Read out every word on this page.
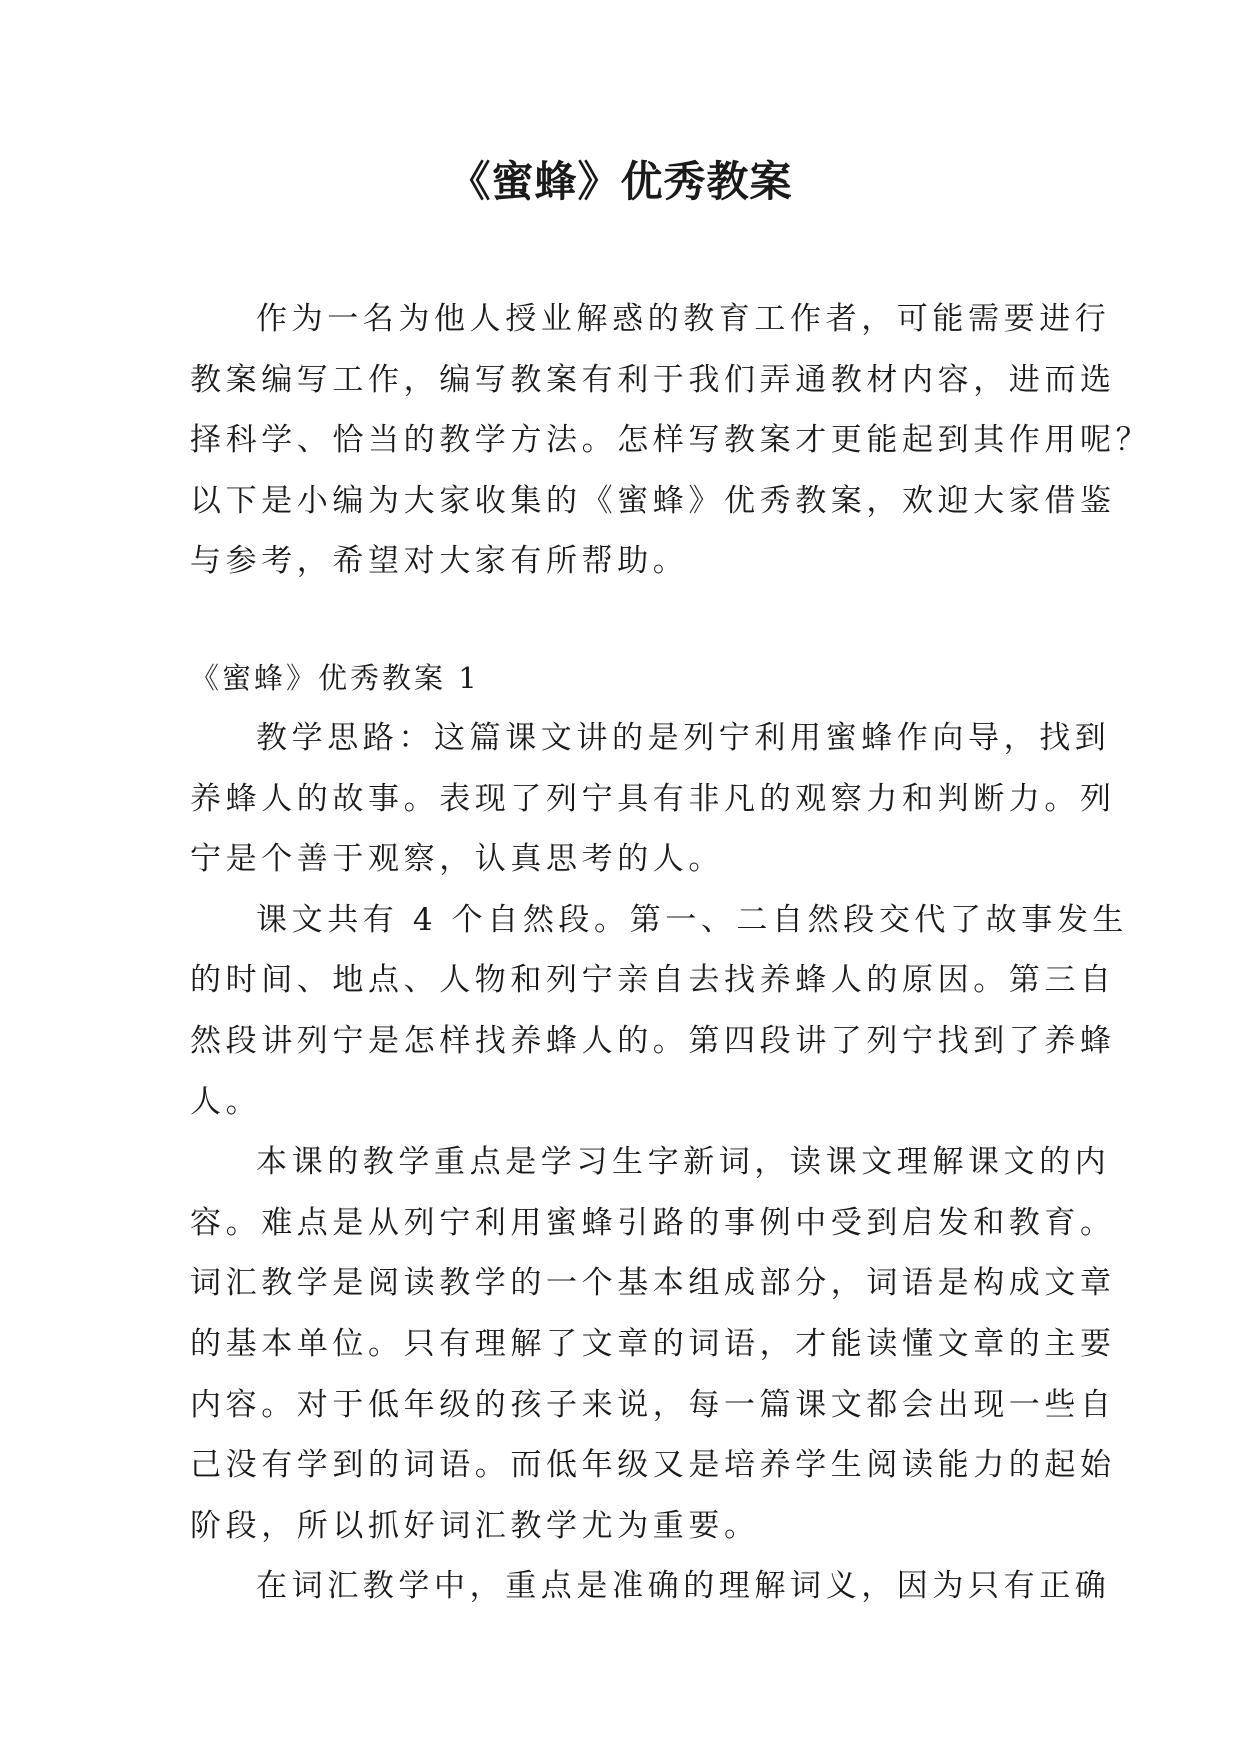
《蜜蜂》优秀教案
作为一名为他人授业解惑的教育工作者，可能需要进行
教案编写工作，编写教案有利于我们弄通教材内容，进而选
择科学、恰当的教学方法。怎样写教案才更能起到其作用呢？
以下是小编为大家收集的《蜜蜂》优秀教案，欢迎大家借鉴
与参考，希望对大家有所帮助。
《蜜蜂》优秀教案 1
教学思路：这篇课文讲的是列宁利用蜜蜂作向导，找到
养蜂人的故事。表现了列宁具有非凡的观察力和判断力。列
宁是个善于观察，认真思考的人。
课文共有 4 个自然段。第一、二自然段交代了故事发生
的时间、地点、人物和列宁亲自去找养蜂人的原因。第三自
然段讲列宁是怎样找养蜂人的。第四段讲了列宁找到了养蜂
人。
本课的教学重点是学习生字新词，读课文理解课文的内
容。难点是从列宁利用蜜蜂引路的事例中受到启发和教育。
词汇教学是阅读教学的一个基本组成部分，词语是构成文章
的基本单位。只有理解了文章的词语，才能读懂文章的主要
内容。对于低年级的孩子来说，每一篇课文都会出现一些自
己没有学到的词语。而低年级又是培养学生阅读能力的起始
阶段，所以抓好词汇教学尤为重要。
在词汇教学中，重点是准确的理解词义，因为只有正确
